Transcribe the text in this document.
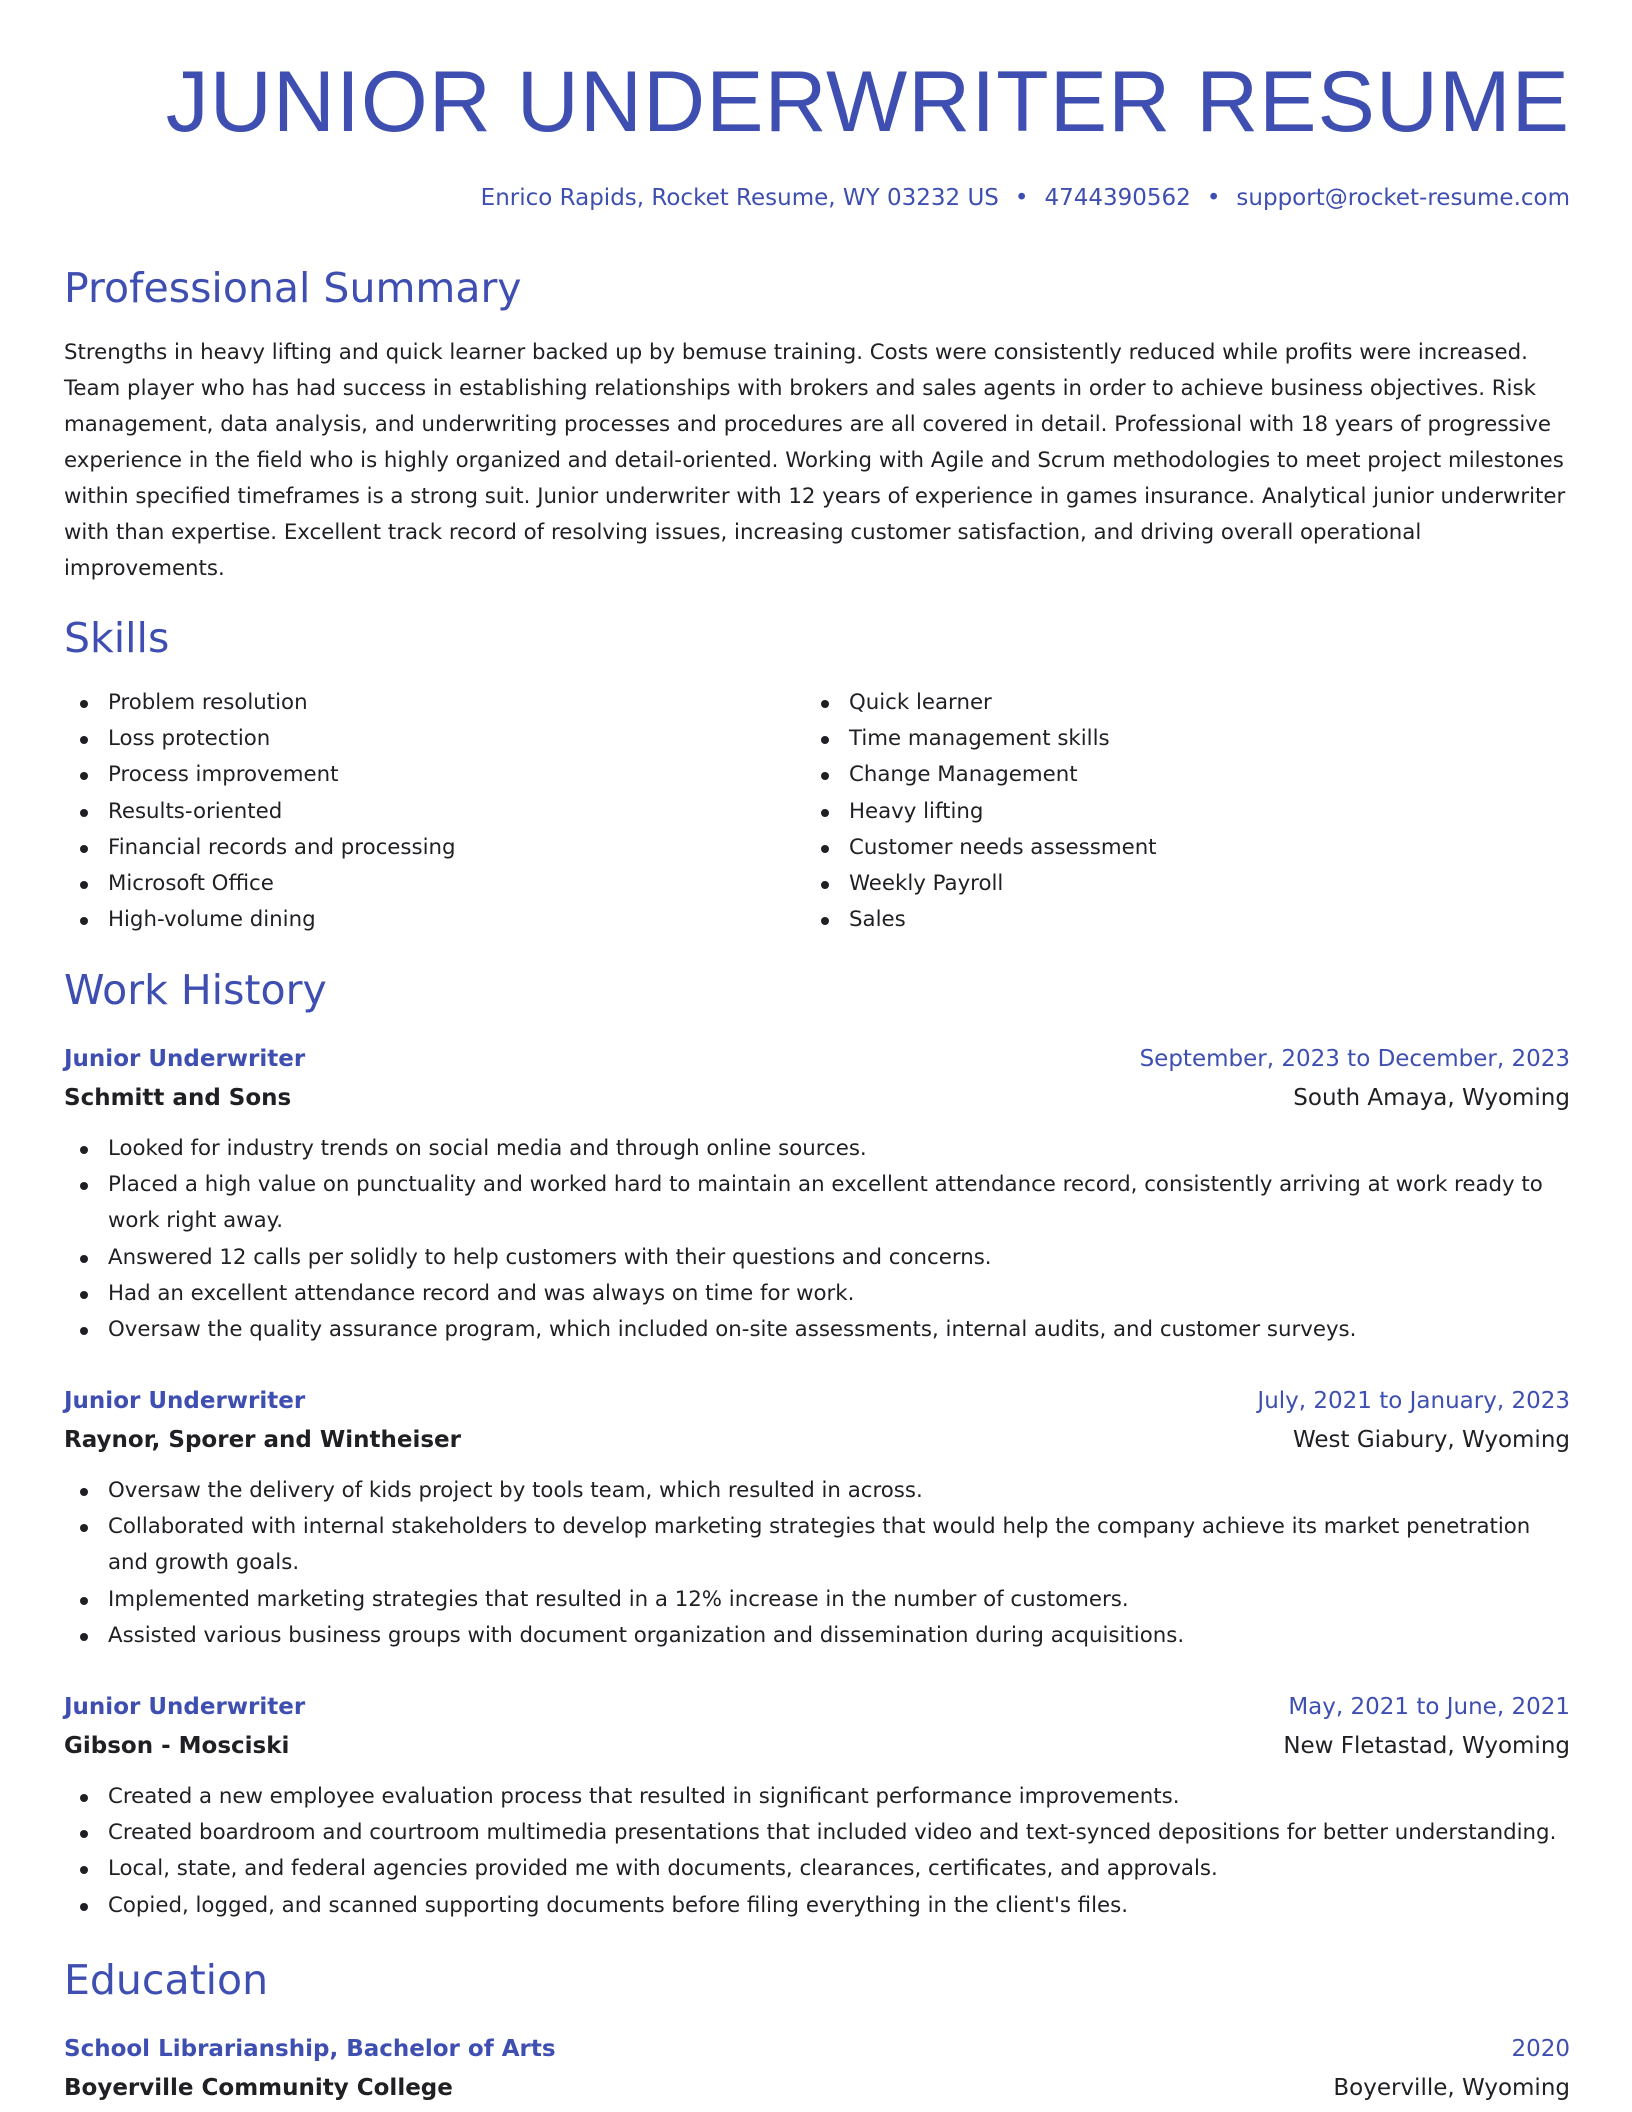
JUNIOR UNDERWRITER RESUME
Enrico Rapids, Rocket Resume, WY 03232 US • 4744390562 • support@rocket-resume.com
Professional Summary

Strengths in heavy lifting and quick learner backed up by bemuse training. Costs were consistently reduced while profits were increased. Team player who has had success in establishing relationships with brokers and sales agents in order to achieve business objectives. Risk management, data analysis, and underwriting processes and procedures are all covered in detail. Professional with 18 years of progressive experience in the field who is highly organized and detail-oriented. Working with Agile and Scrum methodologies to meet project milestones within specified timeframes is a strong suit. Junior underwriter with 12 years of experience in games insurance. Analytical junior underwriter with than expertise. Excellent track record of resolving issues, increasing customer satisfaction, and driving overall operational improvements.

Skills
Problem resolution
Loss protection
Process improvement
Results-oriented
Financial records and processing
Microsoft Office
High-volume dining
Quick learner
Time management skills
Change Management
Heavy lifting
Customer needs assessment
Weekly Payroll
Sales
Work History
Junior Underwriter	September, 2023 to December, 2023
Schmitt and Sons	South Amaya, Wyoming
Looked for industry trends on social media and through online sources.
Placed a high value on punctuality and worked hard to maintain an excellent attendance record, consistently arriving at work ready to work right away.
Answered 12 calls per solidly to help customers with their questions and concerns.
Had an excellent attendance record and was always on time for work.
Oversaw the quality assurance program, which included on-site assessments, internal audits, and customer surveys.
Junior Underwriter	July, 2021 to January, 2023
Raynor, Sporer and Wintheiser	West Giabury, Wyoming
Oversaw the delivery of kids project by tools team, which resulted in across.
Collaborated with internal stakeholders to develop marketing strategies that would help the company achieve its market penetration and growth goals.
Implemented marketing strategies that resulted in a 12% increase in the number of customers.
Assisted various business groups with document organization and dissemination during acquisitions.
Junior Underwriter	May, 2021 to June, 2021
Gibson - Mosciski	New Fletastad, Wyoming
Created a new employee evaluation process that resulted in significant performance improvements.
Created boardroom and courtroom multimedia presentations that included video and text-synced depositions for better understanding.
Local, state, and federal agencies provided me with documents, clearances, certificates, and approvals.
Copied, logged, and scanned supporting documents before filing everything in the client's files.
Education
School Librarianship, Bachelor of Arts	2020
Boyerville Community College	Boyerville, Wyoming
